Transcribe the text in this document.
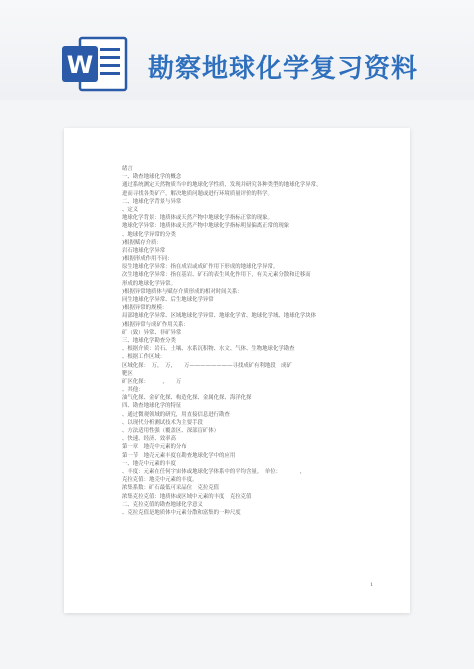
W 勘察地球化学复习资料
绪言
一、勘查地球化学的概念
通过系统测定天然物质当中的地球化学性质，发现并研究各种类型的地球化学异常，
进而寻找各类矿产，解决地质问题或进行环境质量评价的科学。
二、地球化学背景与异常
、定义
地球化学背景：地质体或天然产物中地球化学指标正常的现象。
地球化学异常：地质体或天然产物中地球化学指标明显偏离正常的现象
、地球化学异常的分类
)根据赋存介质：
岩石地球化学异常
)根据形成作用不同：
原生地球化学异常：指在成岩或成矿作用下形成的地球化学异常。
次生地球化学异常：指在基岩、矿石的表生风化作用下，有关元素分散和迁移而
形成的地球化学异常。
)根据异常地质体与赋存介质形成的相对时间关系：
同生地球化学异常、后生地球化学异常
)根据异常的规模：
局部地球化学异常、区域地球化学异常、地球化学省、地球化学域、地球化学块体
)根据异常与成矿作用关系：
矿（致）异常、非矿异常
三、地球化学勘查分类
、根据介质：岩石、土壤、水系沉积物、水文、气体、生物地球化学勘查
、根据工作区域：
区域化探：　万，　万，　　万————————寻找成矿有利地段　成矿
靶区
矿区化探：　　　，　　万
、其他：
油气化探、金矿化探、构造化探、金属化探、海洋化探
四、勘查地球化学的特征
、通过微观领域的研究，用直接信息进行勘查
、以现代分析测试技术为主要手段
、方法适用性强（覆盖区、深部盲矿体）
、快速、经济、效率高
第一章　地壳中元素的分布
第一节　地壳元素丰度在勘查地球化学中的应用
一、地壳中元素的丰度
、丰度：元素在任何宇宙体或地球化学体系中的平均含量。　单位：　　　　，
克拉克值：地壳中元素的丰度。
浓集系数：矿石最低可采品位　克拉克值
浓集克拉克值：地质体或区域中元素的丰度　克拉克值
二、克拉克值的勘查地球化学意义
、克拉克值是地质体中元素分散和富集的一种尺度
1
